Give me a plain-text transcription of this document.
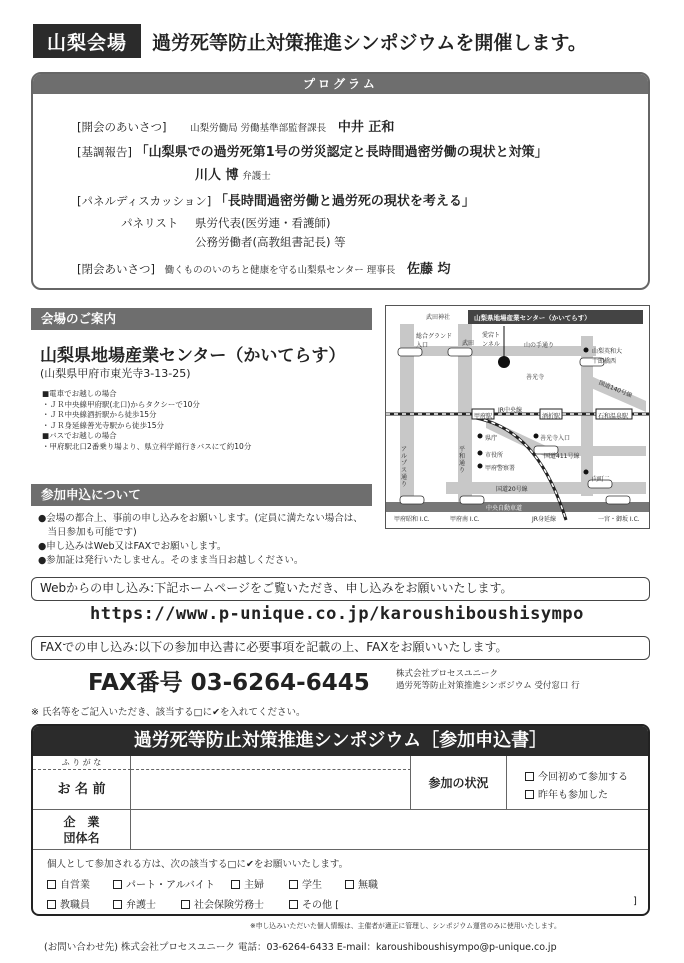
山梨会場	過労死等防止対策推進シンポジウムを開催します。
プログラム
[開会のあいさつ] 山梨労働局 労働基準部監督課長 中井 正和
[基調報告] 「山梨県での過労死第1号の労災認定と長時間過密労働の現状と対策」
川人 博 弁護士
[パネルディスカッション] 「長時間過密労働と過労死の現状を考える」
パネリスト 県労代表(医労連・看護師)
公務労働者(高教組書記長) 等
[閉会あいさつ] 働くもののいのちと健康を守る山梨県センター 理事長 佐藤 均
会場のご案内
山梨県地場産業センター（かいてらす）
(山梨県甲府市東光寺3-13-25)
■電車でお越しの場合
・ＪＲ中央線甲府駅(北口)からタクシーで10分
・ＪＲ中央線酒折駅から徒歩15分
・ＪＲ身延線善光寺駅から徒歩15分
■バスでお越しの場合
・甲府駅北口2番乗り場より、県立科学館行きバスにて約10分
山梨県地場産業センター（かいてらす）
武田神社
総合グランド入口	武田
愛宕トンネル	山の手通り
山梨英和大
十郎橋西
善光寺
国道140号線
JR中央線
甲府駅	酒折駅	石和温泉駅
県庁
市役所
甲府警察署
善光寺入口
国道411号線
アルプス通り
平和通り
国道20号線
向町二
中央自動車道
JR身延線
甲府昭和 I.C.	甲府南 I.C.	一宮・御坂 I.C.
参加申込について
●会場の都合上、事前の申し込みをお願いします。(定員に満たない場合は、
　当日参加も可能です)
●申し込みはWeb又はFAXでお願いします。
●参加証は発行いたしません。そのまま当日お越しください。
Webからの申し込み:下記ホームページをご覧いただき、申し込みをお願いいたします。
https://www.p-unique.co.jp/karoushiboushisympo
FAXでの申し込み:以下の参加申込書に必要事項を記載の上、FAXをお願いいたします。
FAX番号 03-6264-6445	株式会社プロセスユニーク
過労死等防止対策推進シンポジウム 受付窓口 行
※ 氏名等をご記入いただき、該当する□に✔を入れてください。
過労死等防止対策推進シンポジウム［参加申込書］
ふ り が な
お 名 前	参加の状況	今回初めて参加する
昨年も参加した
企　業
団体名
個人として参加される方は、次の該当する□に✔をお願いいたします。
自営業	パート・アルバイト	主婦	学生	無職
教職員	弁護士	社会保険労務士	その他 [	]
※申し込みいただいた個人情報は、主催者が適正に管理し、シンポジウム運営のみに使用いたします。
(お問い合わせ先) 株式会社プロセスユニーク 電話：03-6264-6433 E-mail：karoushiboushisympo@p-unique.co.jp
